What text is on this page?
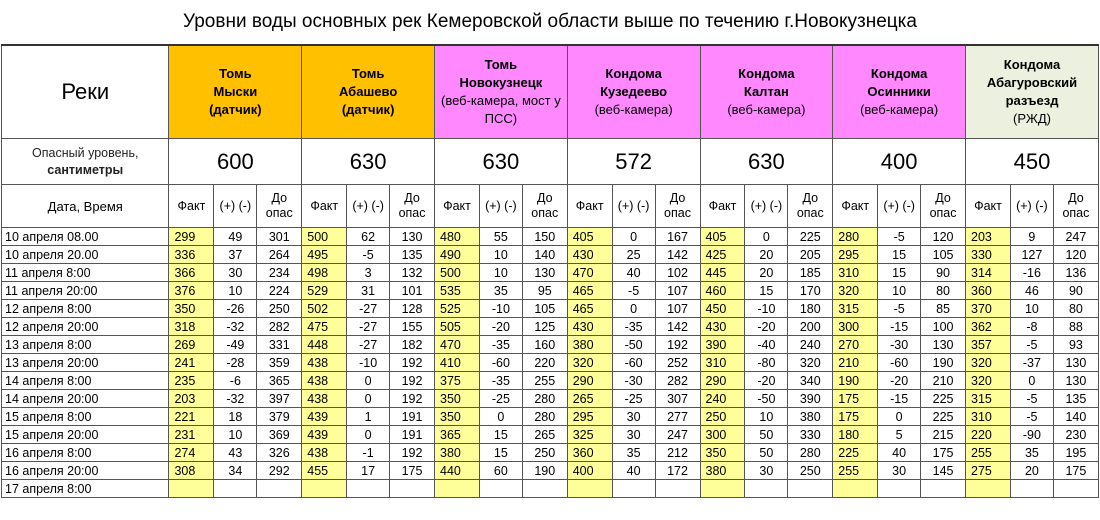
Уровни воды основных рек Кемеровской области выше по течению г.Новокузнецка
Реки	Томь
Мыски
(датчик)			Томь
Абашево
(датчик)			Томь
Новокузнецк
(веб-камера, мост у ПСС)			Кондома
Кузедеево
(веб-камера)			Кондома
Калтан
(веб-камера)			Кондома
Осинники
(веб-камера)			Кондома
Абагуровский разъезд
(РЖД)		
Опасный уровень, сантиметры	600			630			630			572			630			400			450		
Дата, Время	Факт	(+) (-)	До опас	Факт	(+) (-)	До опас	Факт	(+) (-)	До опас	Факт	(+) (-)	До опас	Факт	(+) (-)	До опас	Факт	(+) (-)	До опас	Факт	(+) (-)	До опас
10 апреля 08.00	299	49	301	500	62	130	480	55	150	405	0	167	405	0	225	280	-5	120	203	9	247
10 апреля 20.00	336	37	264	495	-5	135	490	10	140	430	25	142	425	20	205	295	15	105	330	127	120
11 апреля 8:00	366	30	234	498	3	132	500	10	130	470	40	102	445	20	185	310	15	90	314	-16	136
11 апреля 20:00	376	10	224	529	31	101	535	35	95	465	-5	107	460	15	170	320	10	80	360	46	90
12 апреля 8:00	350	-26	250	502	-27	128	525	-10	105	465	0	107	450	-10	180	315	-5	85	370	10	80
12 апреля 20:00	318	-32	282	475	-27	155	505	-20	125	430	-35	142	430	-20	200	300	-15	100	362	-8	88
13 апреля 8:00	269	-49	331	448	-27	182	470	-35	160	380	-50	192	390	-40	240	270	-30	130	357	-5	93
13 апреля 20:00	241	-28	359	438	-10	192	410	-60	220	320	-60	252	310	-80	320	210	-60	190	320	-37	130
14 апреля 8:00	235	-6	365	438	0	192	375	-35	255	290	-30	282	290	-20	340	190	-20	210	320	0	130
14 апреля 20:00	203	-32	397	438	0	192	350	-25	280	265	-25	307	240	-50	390	175	-15	225	315	-5	135
15 апреля 8:00	221	18	379	439	1	191	350	0	280	295	30	277	250	10	380	175	0	225	310	-5	140
15 апреля 20:00	231	10	369	439	0	191	365	15	265	325	30	247	300	50	330	180	5	215	220	-90	230
16 апреля 8:00	274	43	326	438	-1	192	380	15	250	360	35	212	350	50	280	225	40	175	255	35	195
16 апреля 20:00	308	34	292	455	17	175	440	60	190	400	40	172	380	30	250	255	30	145	275	20	175
17 апреля 8:00																					
